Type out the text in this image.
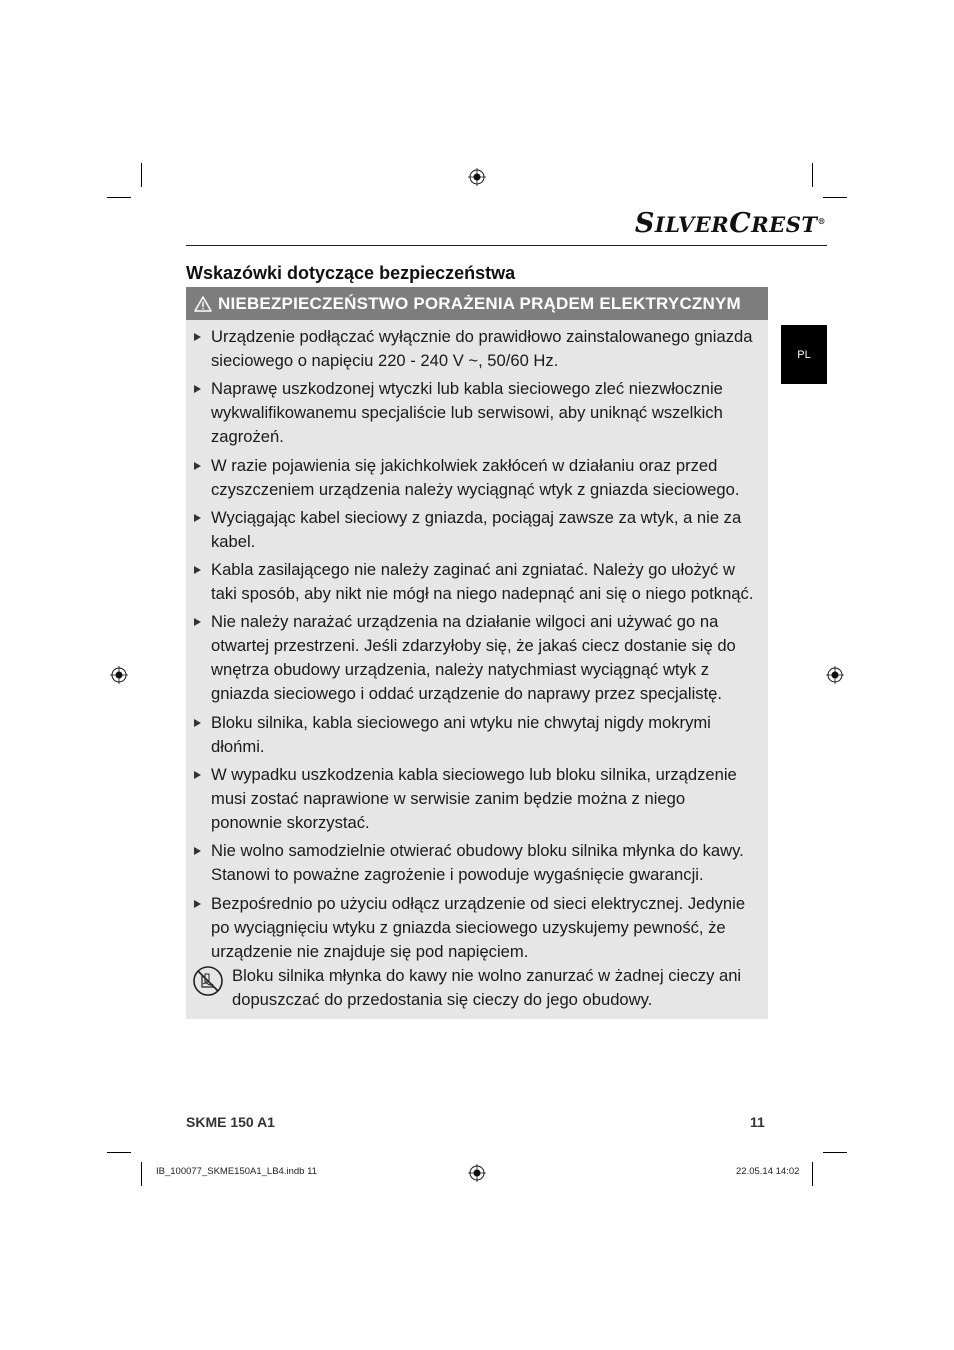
SILVERCREST®
PL
Wskazówki dotyczące bezpieczeństwa
NIEBEZPIECZEŃSTWO PORAŻENIA PRĄDEM ELEKTRYCZNYM
Urządzenie podłączać wyłącznie do prawidłowo zainstalowanego gniazda sieciowego o napięciu 220 - 240 V ~, 50/60 Hz.
Naprawę uszkodzonej wtyczki lub kabla sieciowego zleć niezwłocznie wykwalifikowanemu specjaliście lub serwisowi, aby uniknąć wszelkich zagrożeń.
W razie pojawienia się jakichkolwiek zakłóceń w działaniu oraz przed czyszczeniem urządzenia należy wyciągnąć wtyk z gniazda sieciowego.
Wyciągając kabel sieciowy z gniazda, pociągaj zawsze za wtyk, a nie za kabel.
Kabla zasilającego nie należy zaginać ani zgniatać. Należy go ułożyć w taki sposób, aby nikt nie mógł na niego nadepnąć ani się o niego potknąć.
Nie należy narażać urządzenia na działanie wilgoci ani używać go na otwartej przestrzeni. Jeśli zdarzyłoby się, że jakaś ciecz dostanie się do wnętrza obudowy urządzenia, należy natychmiast wyciągnąć wtyk z gniazda sieciowego i oddać urządzenie do naprawy przez specjalistę.
Bloku silnika, kabla sieciowego ani wtyku nie chwytaj nigdy mokrymi dłońmi.
W wypadku uszkodzenia kabla sieciowego lub bloku silnika, urządzenie musi zostać naprawione w serwisie zanim będzie można z niego ponownie skorzystać.
Nie wolno samodzielnie otwierać obudowy bloku silnika młynka do kawy. Stanowi to poważne zagrożenie i powoduje wygaśnięcie gwarancji.
Bezpośrednio po użyciu odłącz urządzenie od sieci elektrycznej. Jedynie po wyciągnięciu wtyku z gniazda sieciowego uzyskujemy pewność, że urządzenie nie znajduje się pod napięciem.
Bloku silnika młynka do kawy nie wolno zanurzać w żadnej cieczy ani dopuszczać do przedostania się cieczy do jego obudowy.
SKME 150 A1	11
IB_100077_SKME150A1_LB4.indb 11	22.05.14 14:02
